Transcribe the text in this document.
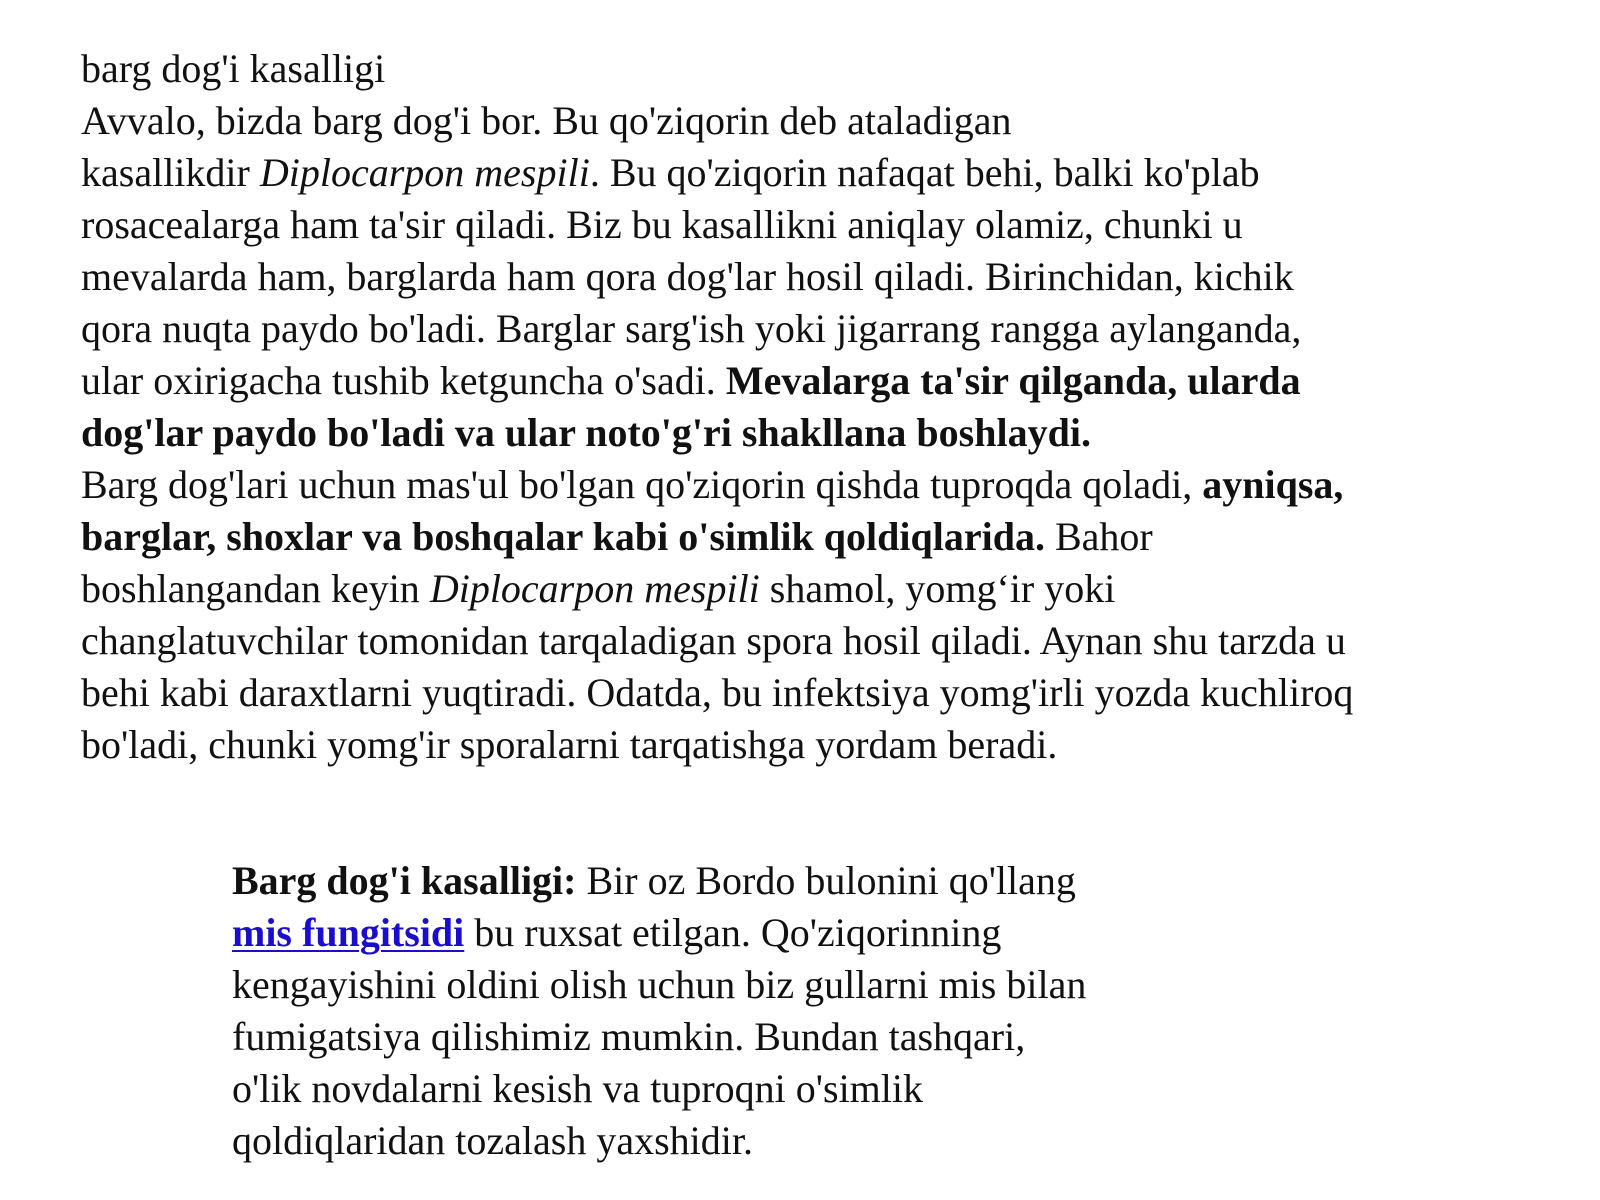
barg dog'i kasalligi
Avvalo, bizda barg dog'i bor. Bu qo'ziqorin deb ataladigan
kasallikdir Diplocarpon mespili. Bu qo'ziqorin nafaqat behi, balki ko'plab
rosacealarga ham ta'sir qiladi. Biz bu kasallikni aniqlay olamiz, chunki u
mevalarda ham, barglarda ham qora dog'lar hosil qiladi. Birinchidan, kichik
qora nuqta paydo bo'ladi. Barglar sarg'ish yoki jigarrang rangga aylanganda,
ular oxirigacha tushib ketguncha o'sadi. Mevalarga ta'sir qilganda, ularda
dog'lar paydo bo'ladi va ular noto'g'ri shakllana boshlaydi.
Barg dog'lari uchun mas'ul bo'lgan qo'ziqorin qishda tuproqda qoladi, ayniqsa,
barglar, shoxlar va boshqalar kabi o'simlik qoldiqlarida. Bahor
boshlangandan keyin Diplocarpon mespili shamol, yomg‘ir yoki
changlatuvchilar tomonidan tarqaladigan spora hosil qiladi. Aynan shu tarzda u
behi kabi daraxtlarni yuqtiradi. Odatda, bu infektsiya yomg'irli yozda kuchliroq
bo'ladi, chunki yomg'ir sporalarni tarqatishga yordam beradi.
Barg dog'i kasalligi: Bir oz Bordo bulonini qo'llang
mis fungitsidi bu ruxsat etilgan. Qo'ziqorinning
kengayishini oldini olish uchun biz gullarni mis bilan
fumigatsiya qilishimiz mumkin. Bundan tashqari,
o'lik novdalarni kesish va tuproqni o'simlik
qoldiqlaridan tozalash yaxshidir.
